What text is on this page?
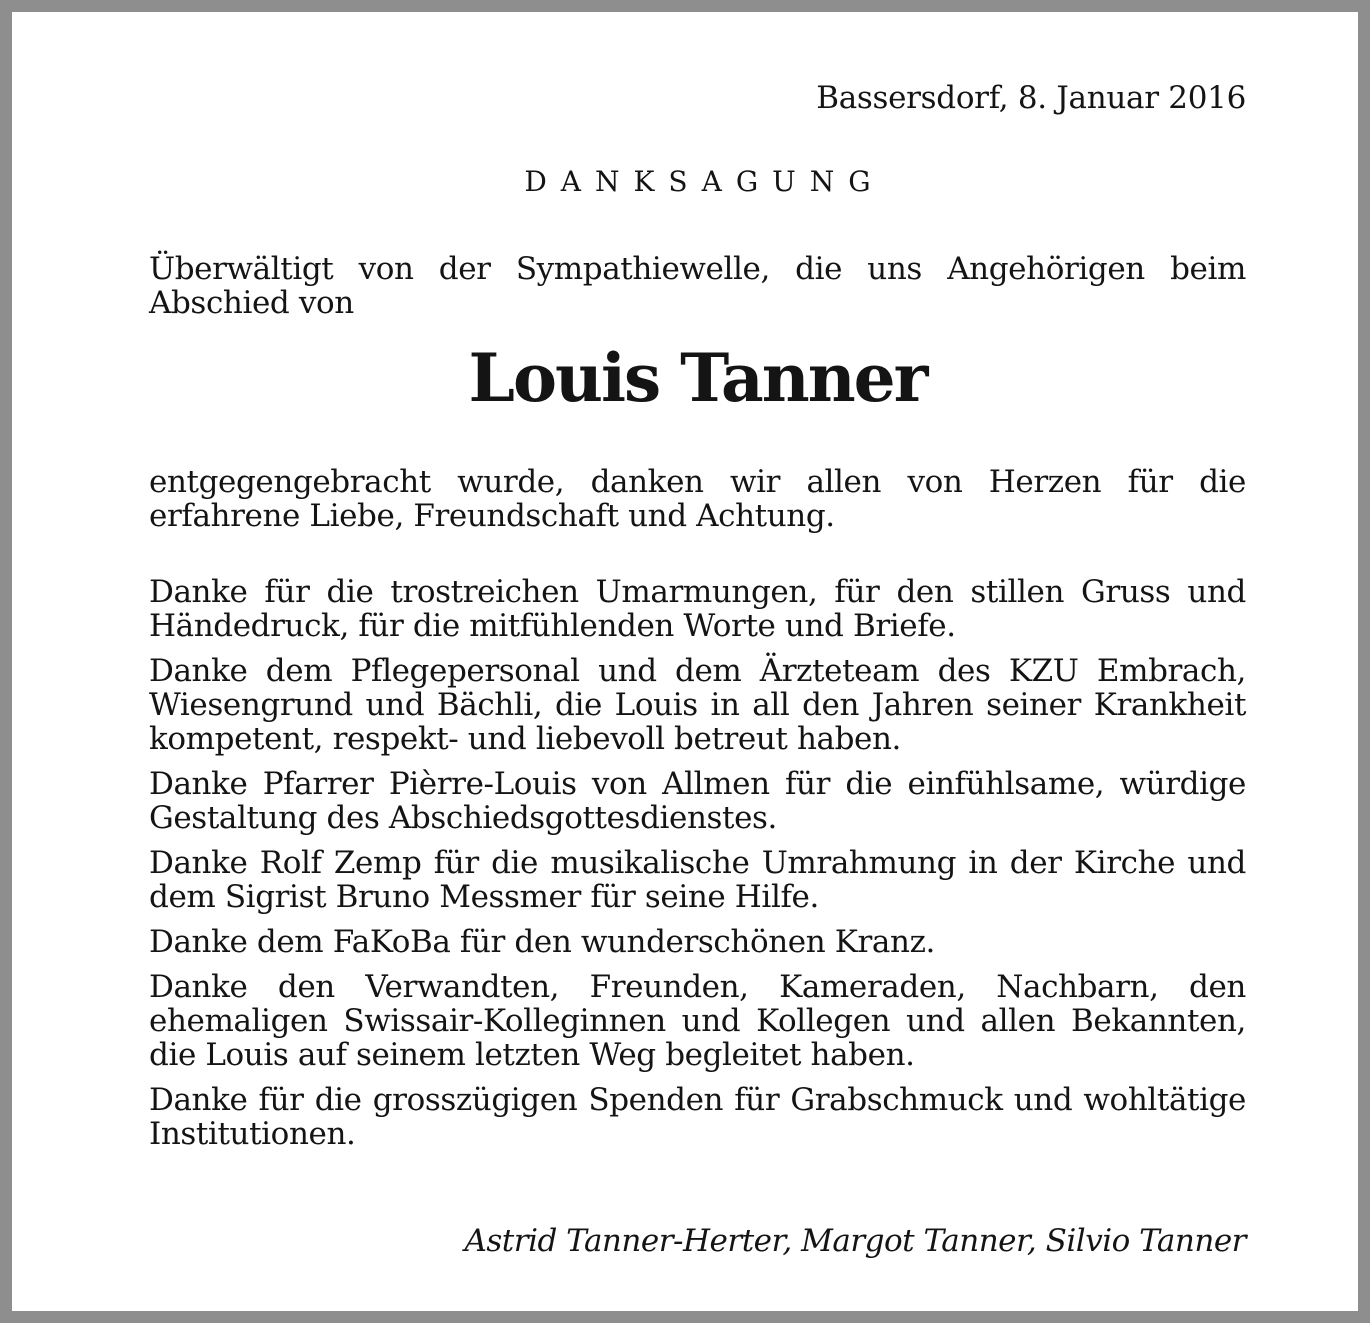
Bassersdorf, 8. Januar 2016
DANKSAGUNG

Überwältigt von der Sympathiewelle, die uns Angehörigen beim Abschied von

Louis Tanner

entgegengebracht wurde, danken wir allen von Herzen für die erfahrene Liebe, Freundschaft und Achtung.

Danke für die trostreichen Umarmungen, für den stillen Gruss und Händedruck, für die mitfühlenden Worte und Briefe.

Danke dem Pflegepersonal und dem Ärzteteam des KZU Embrach, Wiesengrund und Bächli, die Louis in all den Jahren seiner Krankheit kompetent, respekt- und liebevoll betreut haben.

Danke Pfarrer Pièrre-Louis von Allmen für die einfühlsame, würdige Gestaltung des Abschiedsgottesdienstes.

Danke Rolf Zemp für die musikalische Umrahmung in der Kirche und dem Sigrist Bruno Messmer für seine Hilfe.

Danke dem FaKoBa für den wunderschönen Kranz.

Danke den Verwandten, Freunden, Kameraden, Nachbarn, den ehemaligen Swissair-Kolleginnen und Kollegen und allen Bekannten, die Louis auf seinem letzten Weg begleitet haben.

Danke für die grosszügigen Spenden für Grabschmuck und wohltätige Institutionen.

Astrid Tanner-Herter, Margot Tanner, Silvio Tanner
